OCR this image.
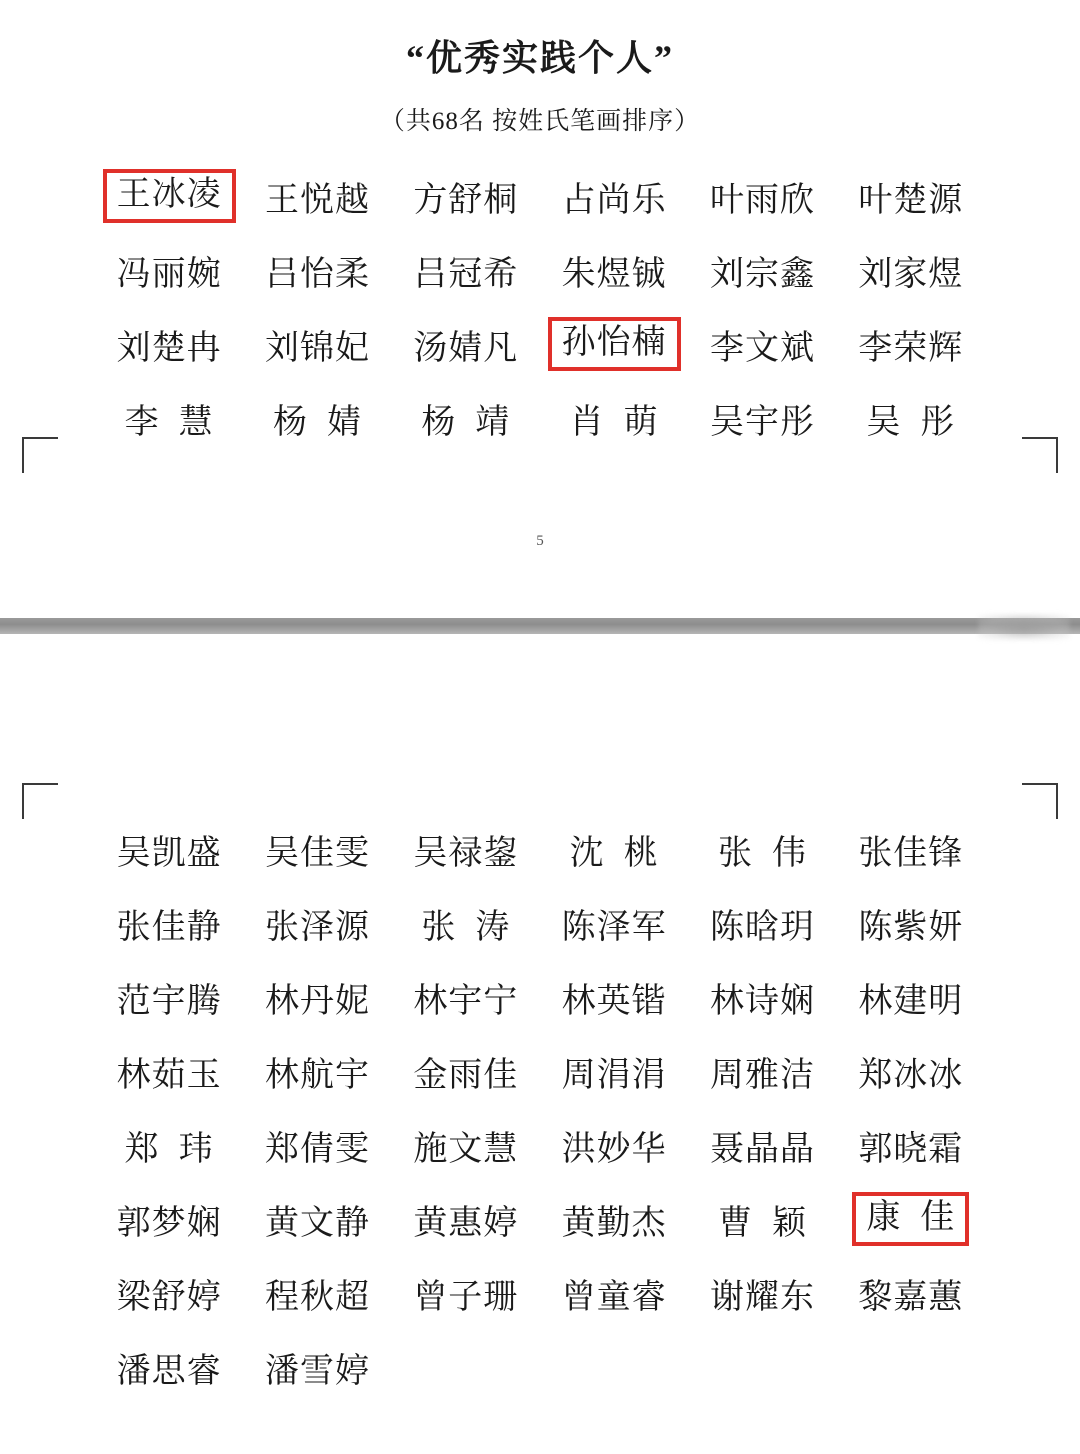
“优秀实践个人”
（共68名 按姓氏笔画排序）
王冰凌	王悦越 方舒桐 占尚乐 叶雨欣 叶楚源
冯丽婉 吕怡柔 吕冠希 朱煜铖 刘宗鑫 刘家煜
刘楚冉 刘锦妃 汤婧凡	孙怡楠	李文斌 李荣辉
李  慧 杨  婧 杨  靖 肖  萌 吴宇彤 吴  彤
5
吴凯盛 吴佳雯 吴禄鋆 沈  桃 张  伟 张佳锋
张佳静 张泽源 张  涛 陈泽军 陈晗玥 陈紫妍
范宇腾 林丹妮 林宇宁 林英锴 林诗娴 林建明
林茹玉 林航宇 金雨佳 周涓涓 周雅洁 郑冰冰
郑  玮 郑倩雯 施文慧 洪妙华 聂晶晶 郭晓霜
郭梦娴 黄文静 黄惠婷 黄勤杰 曹  颖	康  佳
梁舒婷 程秋超 曾子珊 曾童睿 谢耀东 黎嘉蕙
潘思睿 潘雪婷
